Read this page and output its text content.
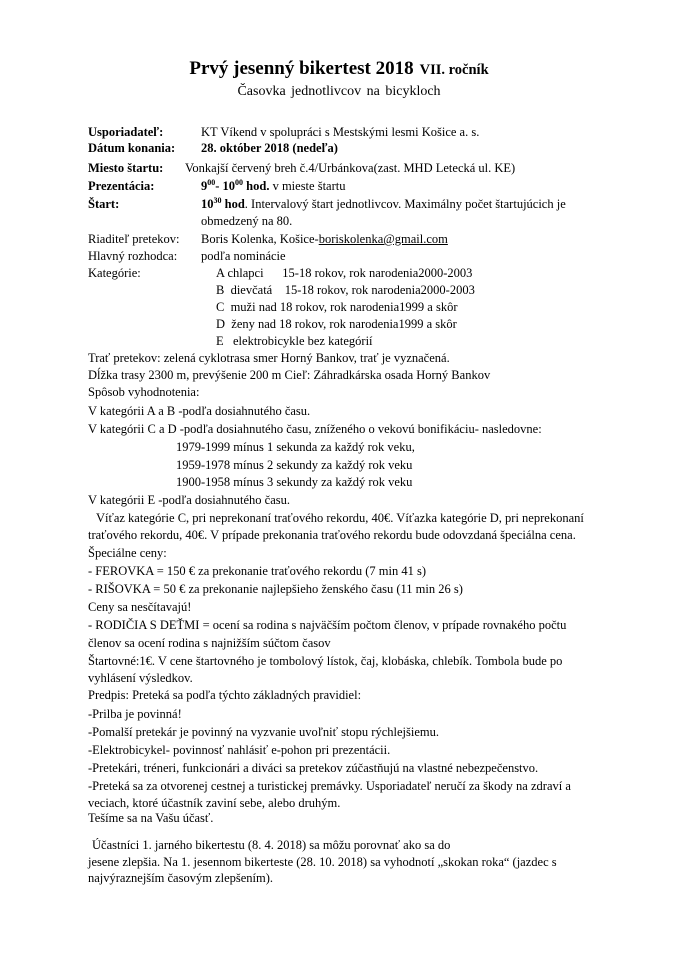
Prvý jesenný bikertest 2018 VII. ročník
Časovka jednotlivcov na bicykloch
Usporiadateľ:	KT Víkend v spolupráci s Mestskými lesmi Košice a. s.
Dátum konania: 28. október 2018 (nedeľa)
Miesto štartu: Vonkajší červený breh č.4/Urbánkova(zast. MHD Letecká ul. KE)
Prezentácia:	$9^{00}-$ $10^{00}$ hod. v mieste štartu
Štart:	$10^{30}$ hod. Intervalový štart jednotlivcov. Maximálny počet štartujúcich je
obmedzený na 80.
Riaditeľ pretekov: Boris Kolenka, Košice-boriskolenka@gmail.com
Hlavný rozhodca: podľa nominácie
Kategórie:	A chlapci      15-18 rokov, rok narodenia2000-2003
B  dievčatá    15-18 rokov, rok narodenia2000-2003
C  muži nad 18 rokov, rok narodenia1999 a skôr
D  ženy nad 18 rokov, rok narodenia1999 a skôr
E   elektrobicykle bez kategórií
Trať pretekov: zelená cyklotrasa smer Horný Bankov, trať je vyznačená.
Dĺžka trasy 2300 m, prevýšenie 200 m Cieľ: Záhradkárska osada Horný Bankov
Spôsob vyhodnotenia:
V kategórii A a B -podľa dosiahnutého času.
V kategórii C a D -podľa dosiahnutého času, zníženého o vekovú bonifikáciu- nasledovne:
1979-1999 mínus 1 sekunda za každý rok veku,
1959-1978 mínus 2 sekundy za každý rok veku
1900-1958 mínus 3 sekundy za každý rok veku
V kategórii E -podľa dosiahnutého času.
Víťaz kategórie C, pri neprekonaní traťového rekordu, 40€. Víťazka kategórie D, pri neprekonaní
traťového rekordu, 40€. V prípade prekonania traťového rekordu bude odovzdaná špeciálna cena.
Špeciálne ceny:
- FEROVKA = 150 € za prekonanie traťového rekordu (7 min 41 s)
- RIŠOVKA = 50 € za prekonanie najlepšieho ženského času (11 min 26 s)
Ceny sa nesčítavajú!
- RODIČIA S DEŤMI = ocení sa rodina s najväčším počtom členov, v prípade rovnakého počtu
členov sa ocení rodina s najnižším súčtom časov
Štartovné:1€. V cene štartovného je tombolový lístok, čaj, klobáska, chlebík. Tombola bude po
vyhlásení výsledkov.
Predpis: Preteká sa podľa týchto základných pravidiel:
-Prilba je povinná!
-Pomalší pretekár je povinný na vyzvanie uvoľniť stopu rýchlejšiemu.
-Elektrobicykel- povinnosť nahlásiť e-pohon pri prezentácii.
-Pretekári, tréneri, funkcionári a diváci sa pretekov zúčastňujú na vlastné nebezpečenstvo.
-Preteká sa za otvorenej cestnej a turistickej premávky. Usporiadateľ neručí za škody na zdraví a
veciach, ktoré účastník zaviní sebe, alebo druhým.
Tešíme sa na Vašu účasť.
Účastníci 1. jarného bikertestu (8. 4. 2018) sa môžu porovnať ako sa do
jesene zlepšia. Na 1. jesennom bikerteste (28. 10. 2018) sa vyhodnotí „skokan roka“ (jazdec s
najvýraznejším časovým zlepšením).
